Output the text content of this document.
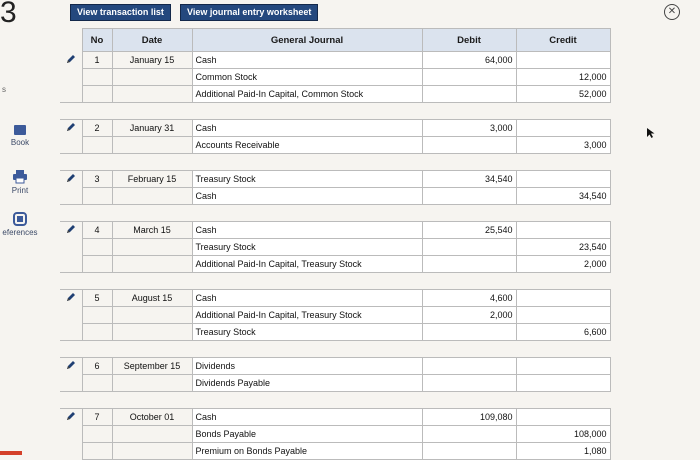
3
s
Book
Print
eferences
View transaction list	View journal entry worksheet	✕
	No	Date	General Journal	Debit	Credit
	1	January 15	Cash	64,000	
			Common Stock		12,000
			Additional Paid-In Capital, Common Stock		52,000

	2	January 31	Cash	3,000	
			Accounts Receivable		3,000

	3	February 15	Treasury Stock	34,540	
			Cash		34,540

	4	March 15	Cash	25,540	
			Treasury Stock		23,540
			Additional Paid-In Capital, Treasury Stock		2,000

	5	August 15	Cash	4,600	
			Additional Paid-In Capital, Treasury Stock	2,000	
			Treasury Stock		6,600

	6	September 15	Dividends		
			Dividends Payable		

	7	October 01	Cash	109,080	
			Bonds Payable		108,000
			Premium on Bonds Payable		1,080
